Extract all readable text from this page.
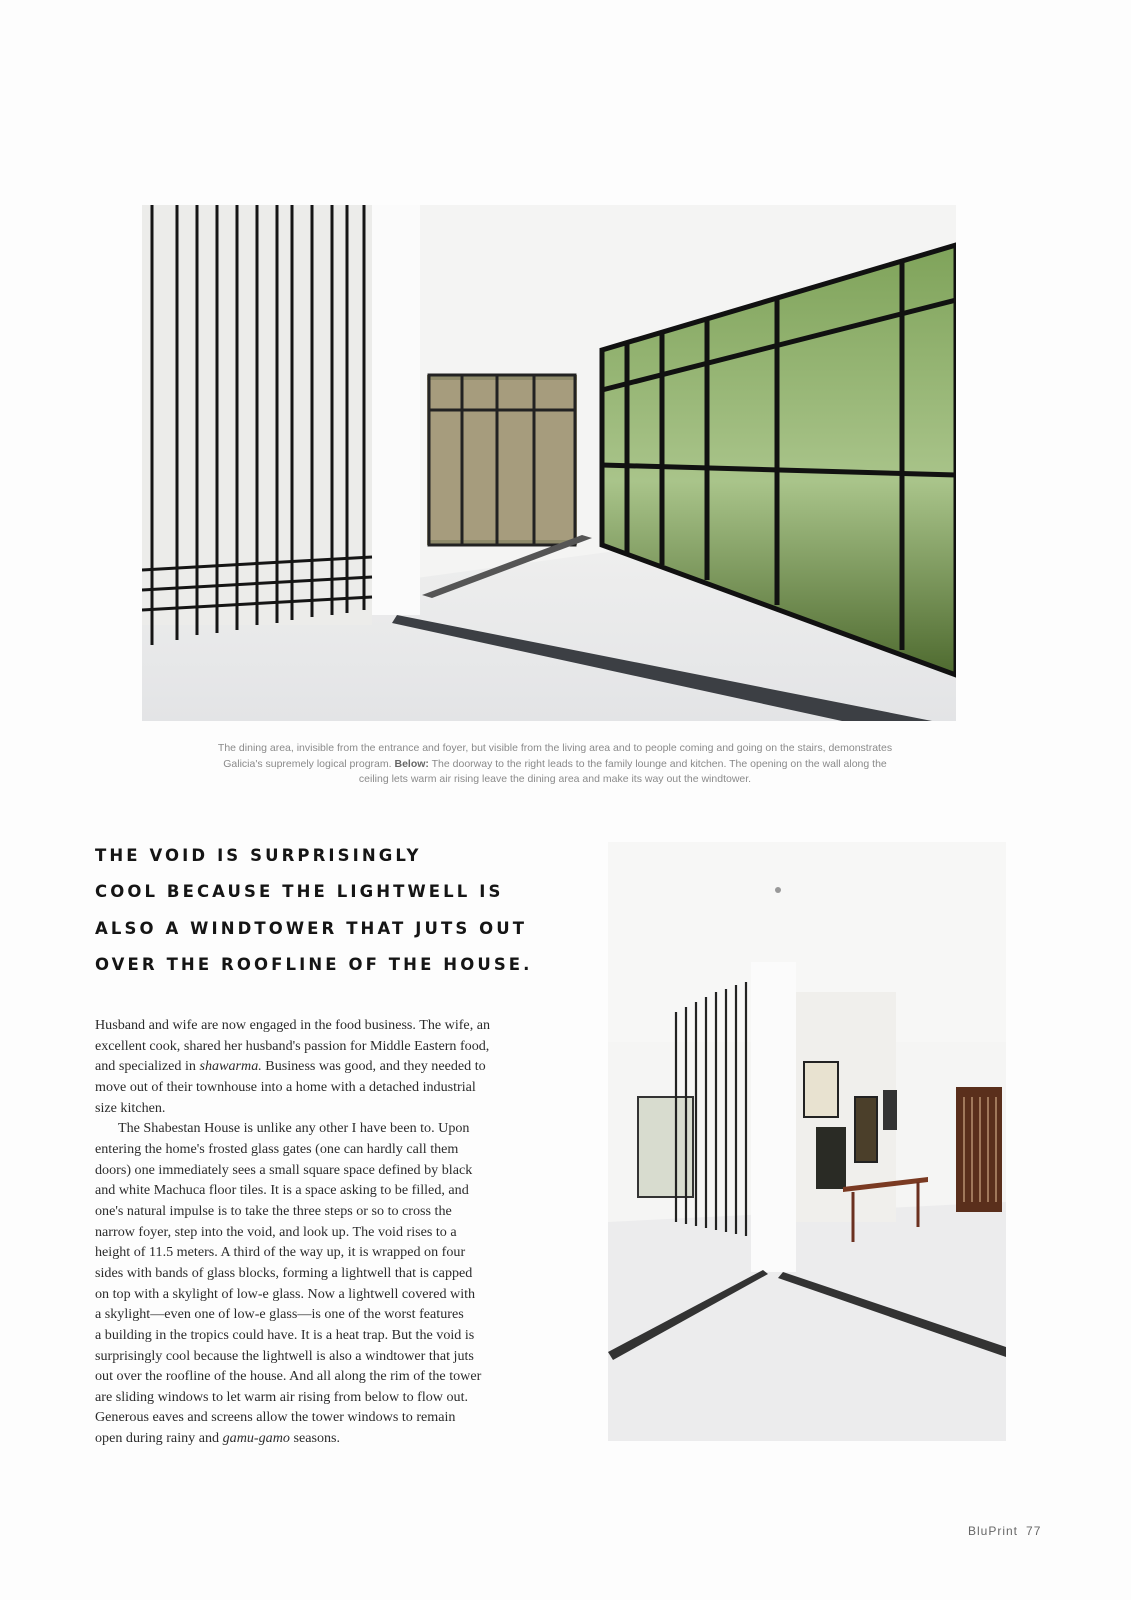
The dining area, invisible from the entrance and foyer, but visible from the living area and to people coming and going on the stairs, demonstrates
Galicia's supremely logical program. Below: The doorway to the right leads to the family lounge and kitchen. The opening on the wall along the
ceiling lets warm air rising leave the dining area and make its way out the windtower.
THE VOID IS SURPRISINGLY
COOL BECAUSE THE LIGHTWELL IS
ALSO A WINDTOWER THAT JUTS OUT
OVER THE ROOFLINE OF THE HOUSE.
Husband and wife are now engaged in the food business. The wife, an
excellent cook, shared her husband's passion for Middle Eastern food,
and specialized in shawarma. Business was good, and they needed to
move out of their townhouse into a home with a detached industrial
size kitchen.
The Shabestan House is unlike any other I have been to. Upon
entering the home's frosted glass gates (one can hardly call them
doors) one immediately sees a small square space defined by black
and white Machuca floor tiles. It is a space asking to be filled, and
one's natural impulse is to take the three steps or so to cross the
narrow foyer, step into the void, and look up. The void rises to a
height of 11.5 meters. A third of the way up, it is wrapped on four
sides with bands of glass blocks, forming a lightwell that is capped
on top with a skylight of low-e glass. Now a lightwell covered with
a skylight—even one of low-e glass—is one of the worst features
a building in the tropics could have. It is a heat trap. But the void is
surprisingly cool because the lightwell is also a windtower that juts
out over the roofline of the house. And all along the rim of the tower
are sliding windows to let warm air rising from below to flow out.
Generous eaves and screens allow the tower windows to remain
open during rainy and gamu-gamo seasons.
BluPrint 77
